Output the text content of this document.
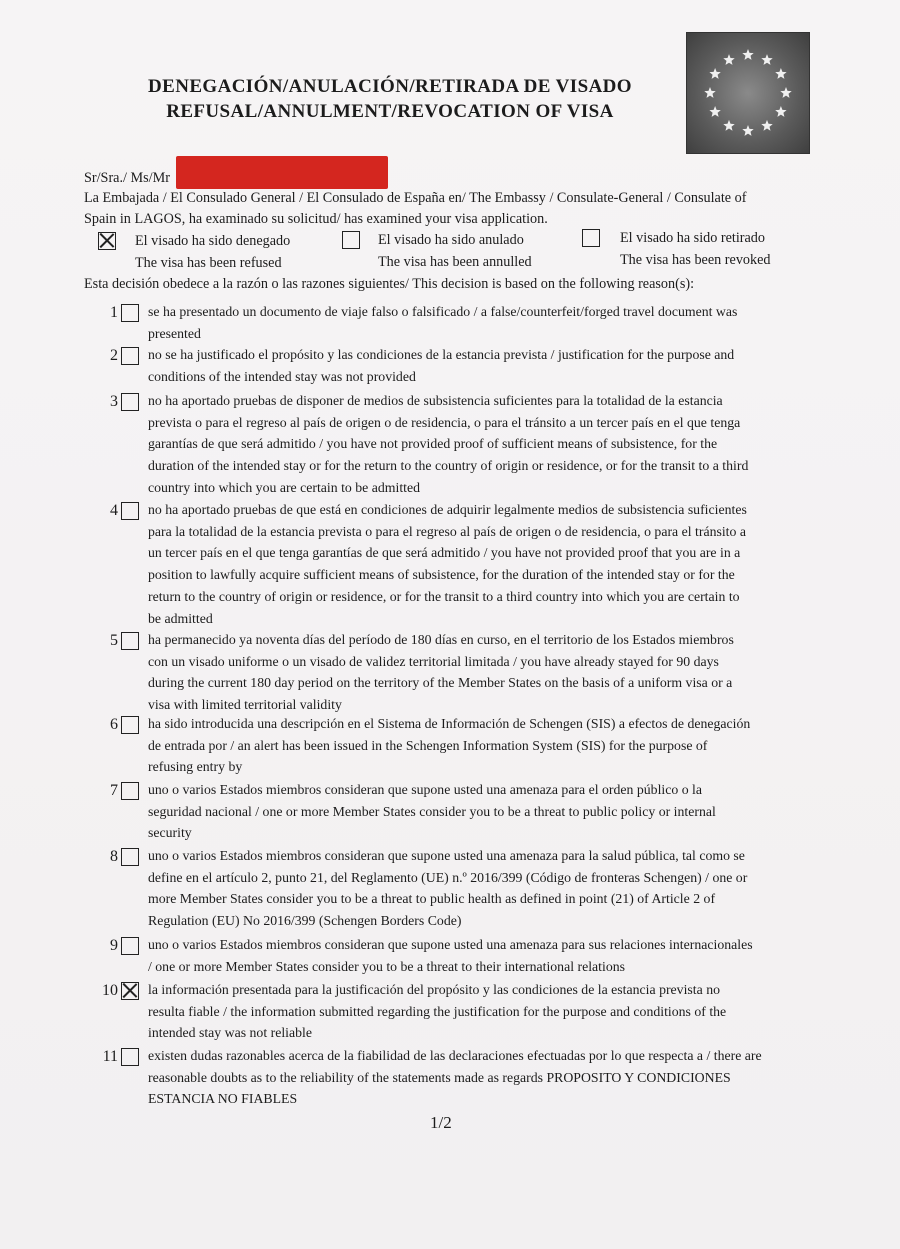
DENEGACIÓN/ANULACIÓN/RETIRADA DE VISADO
REFUSAL/ANNULMENT/REVOCATION OF VISA
Sr/Sra./ Ms/Mr
La Embajada / El Consulado General / El Consulado de España en/ The Embassy / Consulate-General / Consulate of
Spain in LAGOS, ha examinado su solicitud/ has examined your visa application.
El visado ha sido denegado
The visa has been refused
El visado ha sido anulado
The visa has been annulled
El visado ha sido retirado
The visa has been revoked
Esta decisión obedece a la razón o las razones siguientes/ This decision is based on the following reason(s):
1 se ha presentado un documento de viaje falso o falsificado / a false/counterfeit/forged travel document was

presented

2 no se ha justificado el propósito y las condiciones de la estancia prevista / justification for the purpose and

conditions of the intended stay was not provided

3 no ha aportado pruebas de disponer de medios de subsistencia suficientes para la totalidad de la estancia

prevista o para el regreso al país de origen o de residencia, o para el tránsito a un tercer país en el que tenga

garantías de que será admitido / you have not provided proof of sufficient means of subsistence, for the

duration of the intended stay or for the return to the country of origin or residence, or for the transit to a third

country into which you are certain to be admitted

4 no ha aportado pruebas de que está en condiciones de adquirir legalmente medios de subsistencia suficientes

para la totalidad de la estancia prevista o para el regreso al país de origen o de residencia, o para el tránsito a

un tercer país en el que tenga garantías de que será admitido / you have not provided proof that you are in a

position to lawfully acquire sufficient means of subsistence, for the duration of the intended stay or for the

return to the country of origin or residence, or for the transit to a third country into which you are certain to

be admitted

5 ha permanecido ya noventa días del período de 180 días en curso, en el territorio de los Estados miembros

con un visado uniforme o un visado de validez territorial limitada / you have already stayed for 90 days

during the current 180 day period on the territory of the Member States on the basis of a uniform visa or a

visa with limited territorial validity

6 ha sido introducida una descripción en el Sistema de Información de Schengen (SIS) a efectos de denegación

de entrada por / an alert has been issued in the Schengen Information System (SIS) for the purpose of

refusing entry by

7 uno o varios Estados miembros consideran que supone usted una amenaza para el orden público o la

seguridad nacional / one or more Member States consider you to be a threat to public policy or internal

security

8 uno o varios Estados miembros consideran que supone usted una amenaza para la salud pública, tal como se

define en el artículo 2, punto 21, del Reglamento (UE) n.º 2016/399 (Código de fronteras Schengen) / one or

more Member States consider you to be a threat to public health as defined in point (21) of Article 2 of

Regulation (EU) No 2016/399 (Schengen Borders Code)

9 uno o varios Estados miembros consideran que supone usted una amenaza para sus relaciones internacionales

/ one or more Member States consider you to be a threat to their international relations

10 la información presentada para la justificación del propósito y las condiciones de la estancia prevista no

resulta fiable / the information submitted regarding the justification for the purpose and conditions of the

intended stay was not reliable

11 existen dudas razonables acerca de la fiabilidad de las declaraciones efectuadas por lo que respecta a / there are

reasonable doubts as to the reliability of the statements made as regards PROPOSITO Y CONDICIONES

ESTANCIA NO FIABLES

1/2
